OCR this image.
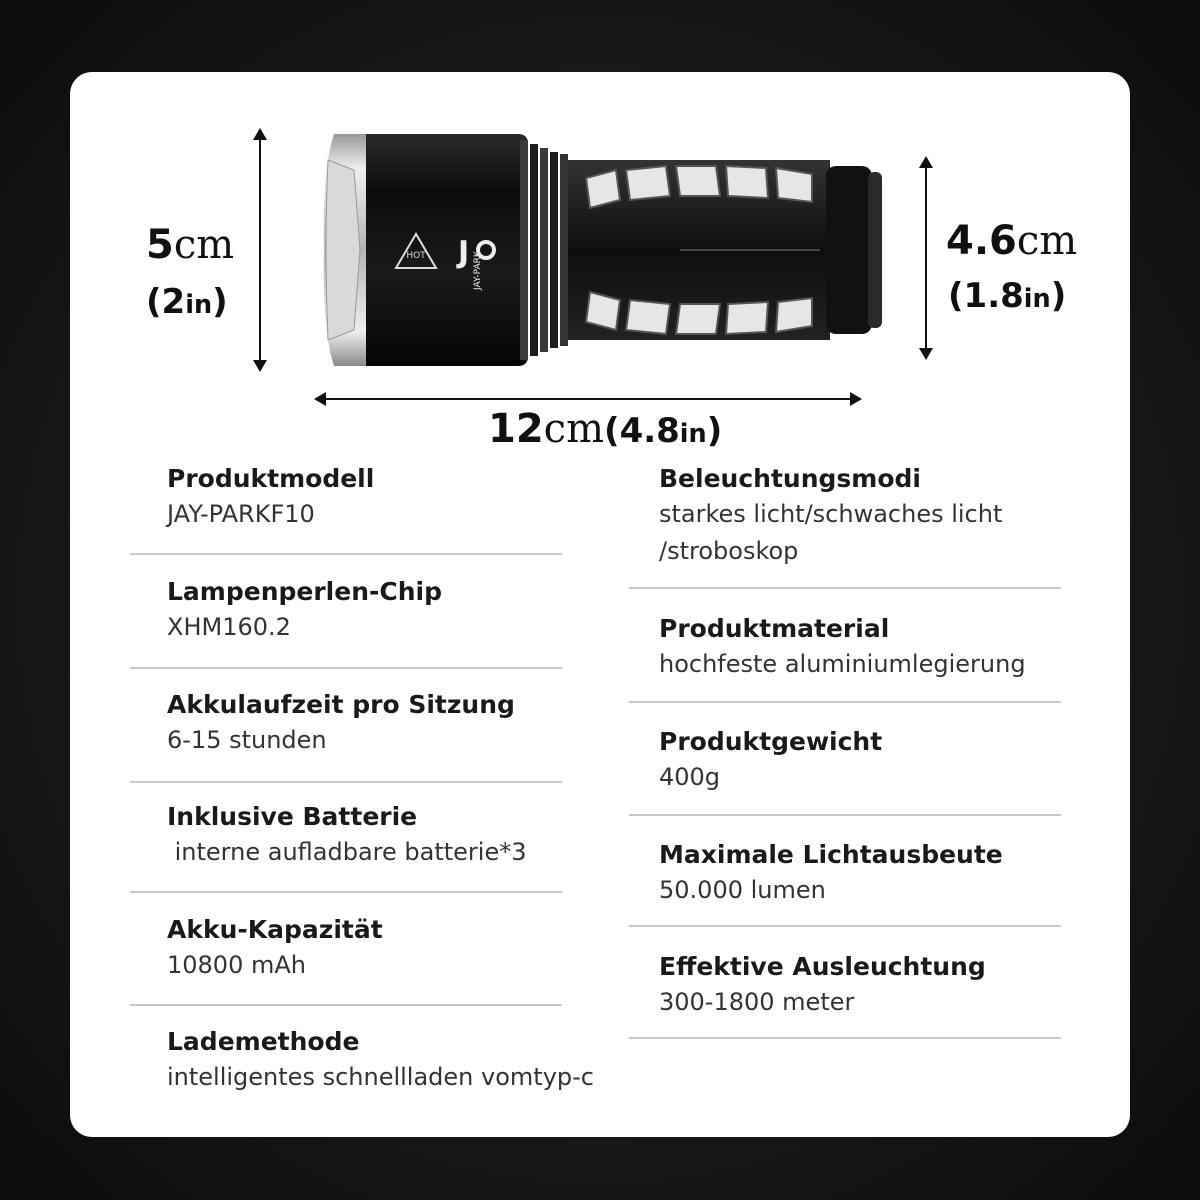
5cm
(2in)
4.6cm
(1.8in)
12cm(4.8in)
HOT J JAY-PARK
Produktmodell
JAY-PARKF10
Lampenperlen-Chip
XHM160.2
Akkulaufzeit pro Sitzung
6-15 stunden
Inklusive Batterie
interne aufladbare batterie*3
Akku-Kapazität
10800 mAh
Lademethode
intelligentes schnellladen vomtyp-c
Beleuchtungsmodi
starkes licht/schwaches licht
/stroboskop
Produktmaterial
hochfeste aluminiumlegierung
Produktgewicht
400g
Maximale Lichtausbeute
50.000 lumen
Effektive Ausleuchtung
300-1800 meter
